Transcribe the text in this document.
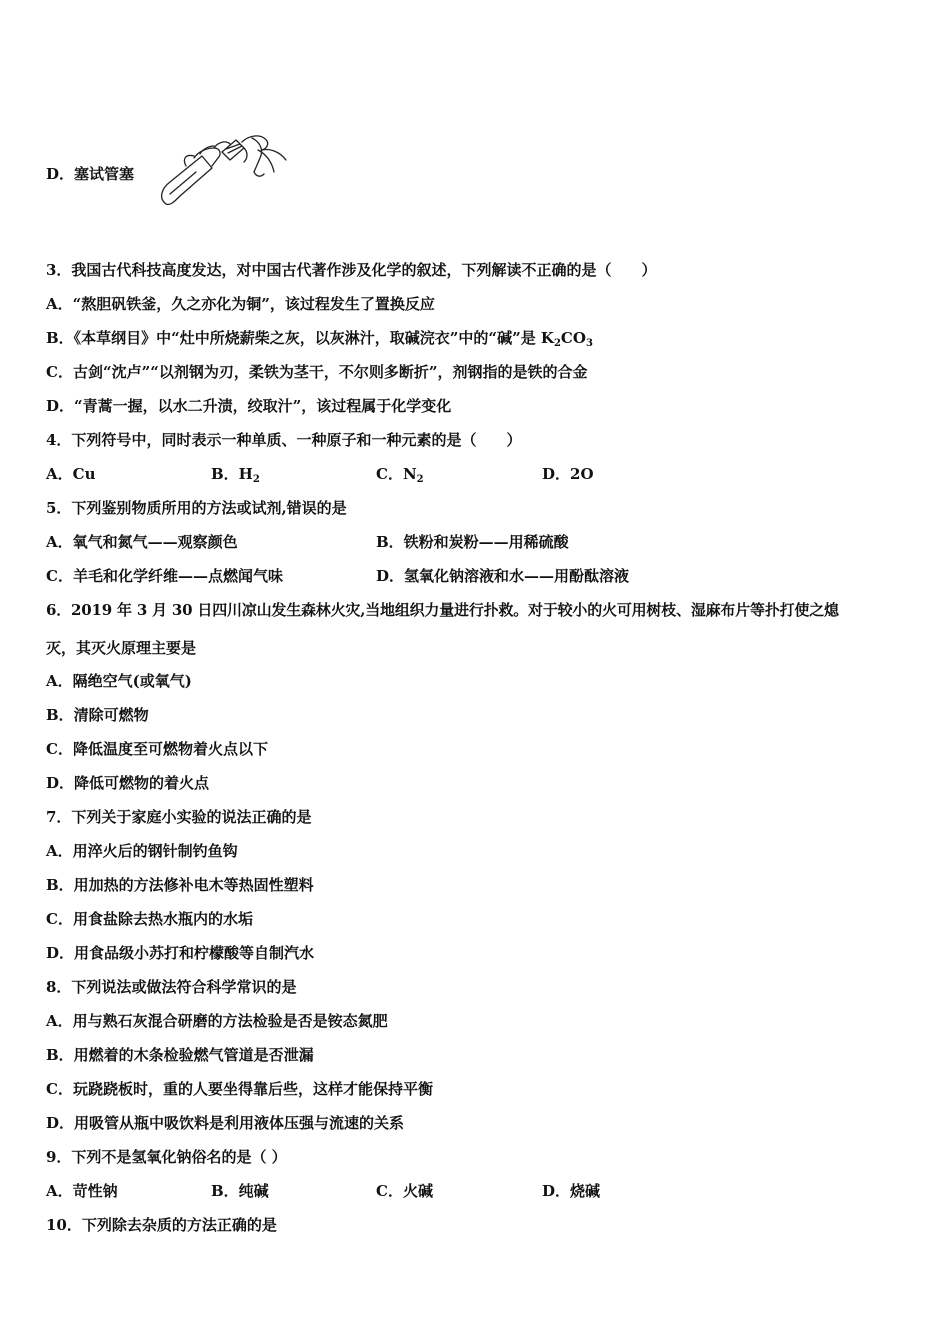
D．塞试管塞
3．我国古代科技高度发达，对中国古代著作涉及化学的叙述，下列解读不正确的是（　　）
A．“熬胆矾铁釜，久之亦化为铜”，该过程发生了置换反应
B．《本草纲目》中“灶中所烧薪柴之灰，以灰淋汁，取碱浣衣”中的“碱”是 $K_2CO_3$
C．古剑“沈卢”“以剂钢为刃，柔铁为茎干，不尔则多断折”，剂钢指的是铁的合金
D．“青蒿一握，以水二升渍，绞取汁”，该过程属于化学变化
4．下列符号中，同时表示一种单质、一种原子和一种元素的是（　　）
A．Cu	B．$H_2$	C．$N_2$	D．2O
5．下列鉴别物质所用的方法或试剂,错误的是
A．氧气和氮气——观察颜色	B．铁粉和炭粉——用稀硫酸
C．羊毛和化学纤维——点燃闻气味	D．氢氧化钠溶液和水——用酚酞溶液
6．2019 年 3 月 30 日四川凉山发生森林火灾,当地组织力量进行扑救。对于较小的火可用树枝、湿麻布片等扑打使之熄
灭，其灭火原理主要是
A．隔绝空气(或氧气)
B．清除可燃物
C．降低温度至可燃物着火点以下
D．降低可燃物的着火点
7．下列关于家庭小实验的说法正确的是
A．用淬火后的钢针制钓鱼钩
B．用加热的方法修补电木等热固性塑料
C．用食盐除去热水瓶内的水垢
D．用食品级小苏打和柠檬酸等自制汽水
8．下列说法或做法符合科学常识的是
A．用与熟石灰混合研磨的方法检验是否是铵态氮肥
B．用燃着的木条检验燃气管道是否泄漏
C．玩跷跷板时，重的人要坐得靠后些，这样才能保持平衡
D．用吸管从瓶中吸饮料是利用液体压强与流速的关系
9．下列不是氢氧化钠俗名的是（ ）
A．苛性钠	B．纯碱	C．火碱	D．烧碱
10．下列除去杂质的方法正确的是
